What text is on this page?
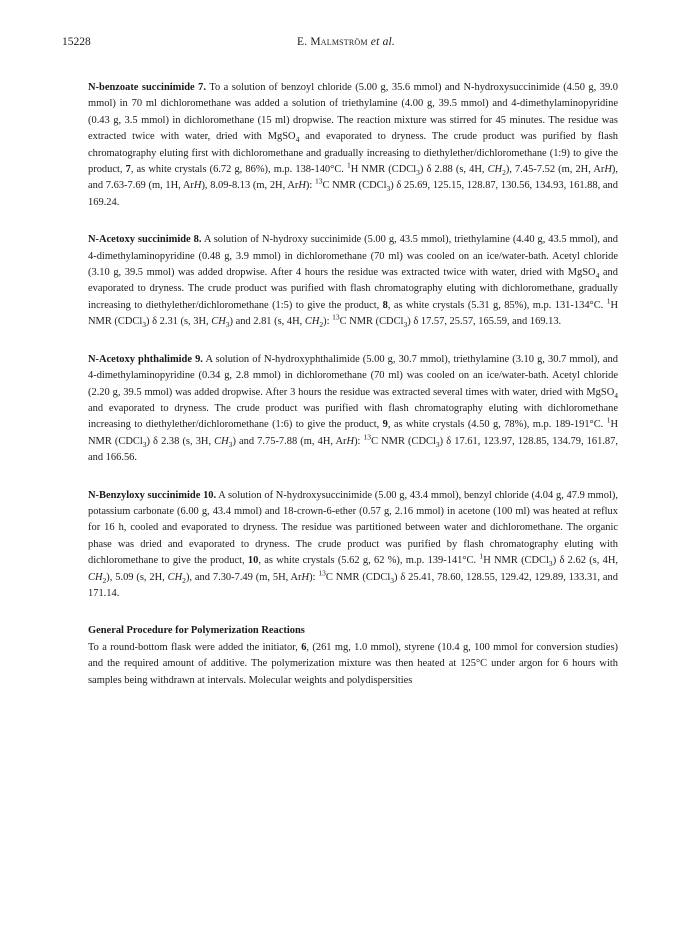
15228	E. Malmström et al.

N-benzoate succinimide 7. To a solution of benzoyl chloride (5.00 g, 35.6 mmol) and N-hydroxysuccinimide (4.50 g, 39.0 mmol) in 70 ml dichloromethane was added a solution of triethylamine (4.00 g, 39.5 mmol) and 4-dimethylaminopyridine (0.43 g, 3.5 mmol) in dichloromethane (15 ml) dropwise. The reaction mixture was stirred for 45 minutes. The residue was extracted twice with water, dried with MgSO$_4$ and evaporated to dryness. The crude product was purified by flash chromatography eluting first with dichloromethane and gradually increasing to diethylether/dichloromethane (1:9) to give the product, 7, as white crystals (6.72 g, 86%), m.p. 138-140°C. $^1$H NMR (CDCl$_3$) δ 2.88 (s, 4H, $CH_2$), 7.45-7.52 (m, 2H, ArH), and 7.63-7.69 (m, 1H, ArH), 8.09-8.13 (m, 2H, ArH): $^{13}$C NMR (CDCl$_3$) δ 25.69, 125.15, 128.87, 130.56, 134.93, 161.88, and 169.24.

N-Acetoxy succinimide 8. A solution of N-hydroxy succinimide (5.00 g, 43.5 mmol), triethylamine (4.40 g, 43.5 mmol), and 4-dimethylaminopyridine (0.48 g, 3.9 mmol) in dichloromethane (70 ml) was cooled on an ice/water-bath. Acetyl chloride (3.10 g, 39.5 mmol) was added dropwise. After 4 hours the residue was extracted twice with water, dried with MgSO$_4$ and evaporated to dryness. The crude product was purified with flash chromatography eluting with dichloromethane, gradually increasing to diethylether/dichloromethane (1:5) to give the product, 8, as white crystals (5.31 g, 85%), m.p. 131-134°C. $^1$H NMR (CDCl$_3$) δ 2.31 (s, 3H, $CH_3$) and 2.81 (s, 4H, $CH_2$): $^{13}$C NMR (CDCl$_3$) δ 17.57, 25.57, 165.59, and 169.13.

N-Acetoxy phthalimide 9. A solution of N-hydroxyphthalimide (5.00 g, 30.7 mmol), triethylamine (3.10 g, 30.7 mmol), and 4-dimethylaminopyridine (0.34 g, 2.8 mmol) in dichloromethane (70 ml) was cooled on an ice/water-bath. Acetyl chloride (2.20 g, 39.5 mmol) was added dropwise. After 3 hours the residue was extracted several times with water, dried with MgSO$_4$ and evaporated to dryness. The crude product was purified with flash chromatography eluting with dichloromethane increasing to diethylether/dichloromethane (1:6) to give the product, 9, as white crystals (4.50 g, 78%), m.p. 189-191°C. $^1$H NMR (CDCl$_3$) δ 2.38 (s, 3H, $CH_3$) and 7.75-7.88 (m, 4H, ArH): $^{13}$C NMR (CDCl$_3$) δ 17.61, 123.97, 128.85, 134.79, 161.87, and 166.56.

N-Benzyloxy succinimide 10. A solution of N-hydroxysuccinimide (5.00 g, 43.4 mmol), benzyl chloride (4.04 g, 47.9 mmol), potassium carbonate (6.00 g, 43.4 mmol) and 18-crown-6-ether (0.57 g, 2.16 mmol) in acetone (100 ml) was heated at reflux for 16 h, cooled and evaporated to dryness. The residue was partitioned between water and dichloromethane. The organic phase was dried and evaporated to dryness. The crude product was purified by flash chromatography eluting with dichloromethane to give the product, 10, as white crystals (5.62 g, 62 %), m.p. 139-141°C. $^1$H NMR (CDCl$_3$) δ 2.62 (s, 4H, $CH_2$), 5.09 (s, 2H, $CH_2$), and 7.30-7.49 (m, 5H, ArH): $^{13}$C NMR (CDCl$_3$) δ 25.41, 78.60, 128.55, 129.42, 129.89, 133.31, and 171.14.

General Procedure for Polymerization Reactions

To a round-bottom flask were added the initiator, 6, (261 mg, 1.0 mmol), styrene (10.4 g, 100 mmol for conversion studies) and the required amount of additive. The polymerization mixture was then heated at 125°C under argon for 6 hours with samples being withdrawn at intervals. Molecular weights and polydispersities
